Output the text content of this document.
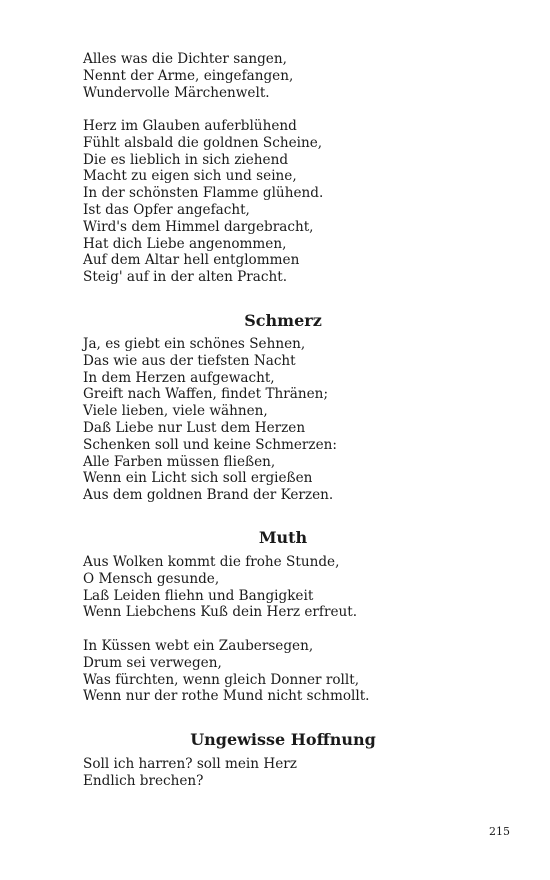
Alles was die Dichter sangen,
Nennt der Arme, eingefangen,
Wundervolle Märchenwelt.
Herz im Glauben auferblühend
Fühlt alsbald die goldnen Scheine,
Die es lieblich in sich ziehend
Macht zu eigen sich und seine,
In der schönsten Flamme glühend.
Ist das Opfer angefacht,
Wird's dem Himmel dargebracht,
Hat dich Liebe angenommen,
Auf dem Altar hell entglommen
Steig' auf in der alten Pracht.
Schmerz
Ja, es giebt ein schönes Sehnen,
Das wie aus der tiefsten Nacht
In dem Herzen aufgewacht,
Greift nach Waffen, findet Thränen;
Viele lieben, viele wähnen,
Daß Liebe nur Lust dem Herzen
Schenken soll und keine Schmerzen:
Alle Farben müssen fließen,
Wenn ein Licht sich soll ergießen
Aus dem goldnen Brand der Kerzen.
Muth
Aus Wolken kommt die frohe Stunde,
O Mensch gesunde,
Laß Leiden fliehn und Bangigkeit
Wenn Liebchens Kuß dein Herz erfreut.
In Küssen webt ein Zaubersegen,
Drum sei verwegen,
Was fürchten, wenn gleich Donner rollt,
Wenn nur der rothe Mund nicht schmollt.
Ungewisse Hoffnung
Soll ich harren? soll mein Herz
Endlich brechen?
215
